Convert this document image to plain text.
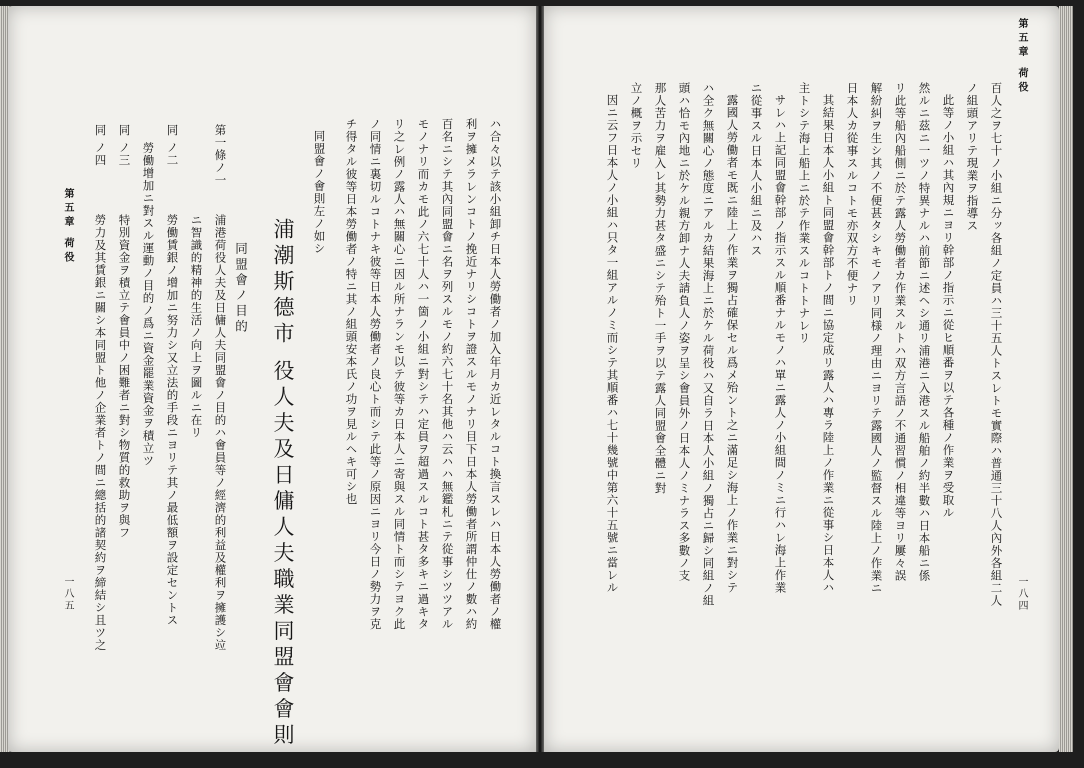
ハ合々以テ該小組卸チ日本人勞働者ノ加入年月カ近レタルコト換言スレハ日本人勞働者ノ權
利ヲ擁メラレンコトノ挽近ナリシコトヲ證スルモノナリ目下日本人勞働者所謂仲仕ノ數ハ約
百名ニシテ其內同盟會ニ名ヲ列スルモノ約六七十名其他ハ云ハハ無鑑札ニテ從事シツツアル
モノナリ而カモ此ノ六七十人ハ一箇ノ小組ニ對シテハ定員ヲ超過スルコト甚タ多キニ過キタ
リ之レ例ノ露人ハ無關心ニ因ル所ナランモ以テ彼等カ日本人ニ寄與スル同情ト而シテヨク此
ノ同情ニ裏切ルコトナキ彼等日本人勞働者ノ良心ト而シテ此等ノ原因ニヨリ今日ノ勢力ヲ克
チ得タル彼等日本勞働者ノ特ニ其ノ組頭安本氏ノ功ヲ見ルヘキ可シ也
同盟會ノ會則左ノ如シ
浦潮斯德市 役人夫及日傭人夫職業同盟會會則
同盟會ノ目的
第一條ノ一
浦港荷役人夫及日傭人夫同盟會ノ目的ハ會員等ノ經濟的利益及權利ヲ擁護シ竝
ニ智識的精神的生活ノ向上ヲ圖ルニ在リ
同 ノ二
勞働賃銀ノ增加ニ努力シ又立法的手段ニヨリテ其ノ最低額ヲ設定セントス
勞働增加ニ對スル運動ノ目的ノ爲ニ資金罷業資金ヲ積立ツ
同 ノ三
特別資金ヲ積立テ會員中ノ困難者ニ對シ物質的救助ヲ與フ
同 ノ四
勞力及其賃銀ニ關シ本同盟ト他ノ企業者トノ間ニ總括的諸契約ヲ締結シ且ツ之
第五章 荷役
一八五
第五章 荷役
一八四
百人之ヲ七十ノ小組ニ分ッ各組ノ定員ハ三十五人トスレトモ實際ハ普通三十八人內外各組二人
ノ組頭アリテ現業ヲ指導ス
此等ノ小組ハ其內規ニヨリ幹部ノ指示ニ從ヒ順番ヲ以テ各種ノ作業ヲ受取ル
然ルニ茲ニ一ツノ特異ナルハ前節ニ述ヘシ通リ浦港ニ入港スル船舶ノ約半數ハ日本船ニ係
リ此等船內船側ニ於テ露人勞働者カ作業スルトハ双方言語ノ不通習慣ノ相違等ヨリ屢々誤
解紛糾ヲ生シ其ノ不便甚タシキモノアリ同様ノ理由ニヨリテ露國人ノ監督スル陸上ノ作業ニ
日本人カ從事スルコトモ亦双方不便ナリ
其結果日本人小組ト同盟會幹部トノ間ニ協定成リ露人ハ專ラ陸上ノ作業ニ從事シ日本人ハ
主トシテ海上船上ニ於テ作業スルコトトナレリ
サレハ上記同盟會幹部ノ指示スル順番ナルモノハ單ニ露人ノ小組間ノミニ行ハレ海上作業
ニ從事スル日本人小組ニ及ハス
露國人勞働者モ既ニ陸上ノ作業ヲ獨占確保セル爲メ殆ント之ニ滿足シ海上ノ作業ニ對シテ
ハ全ク無關心ノ態度ニアルカ結果海上ニ於ケル荷役ハ又自ラ日本人小組ノ獨占ニ歸シ同組ノ組
頭ハ恰モ內地ニ於ケル親方卸ナ人夫請負人ノ姿ヲ呈シ會員外ノ日本人ノミナラス多數ノ支
那人苦力ヲ雇入レ其勢力甚タ盛ニシテ殆ト一手ヲ以テ露人同盟會全體ニ對
立ノ概ヲ示セリ
因ニ云フ日本人ノ小組ハ只タ一組アルノミ而シテ其順番ハ七十幾號中第六十五號ニ當レル
